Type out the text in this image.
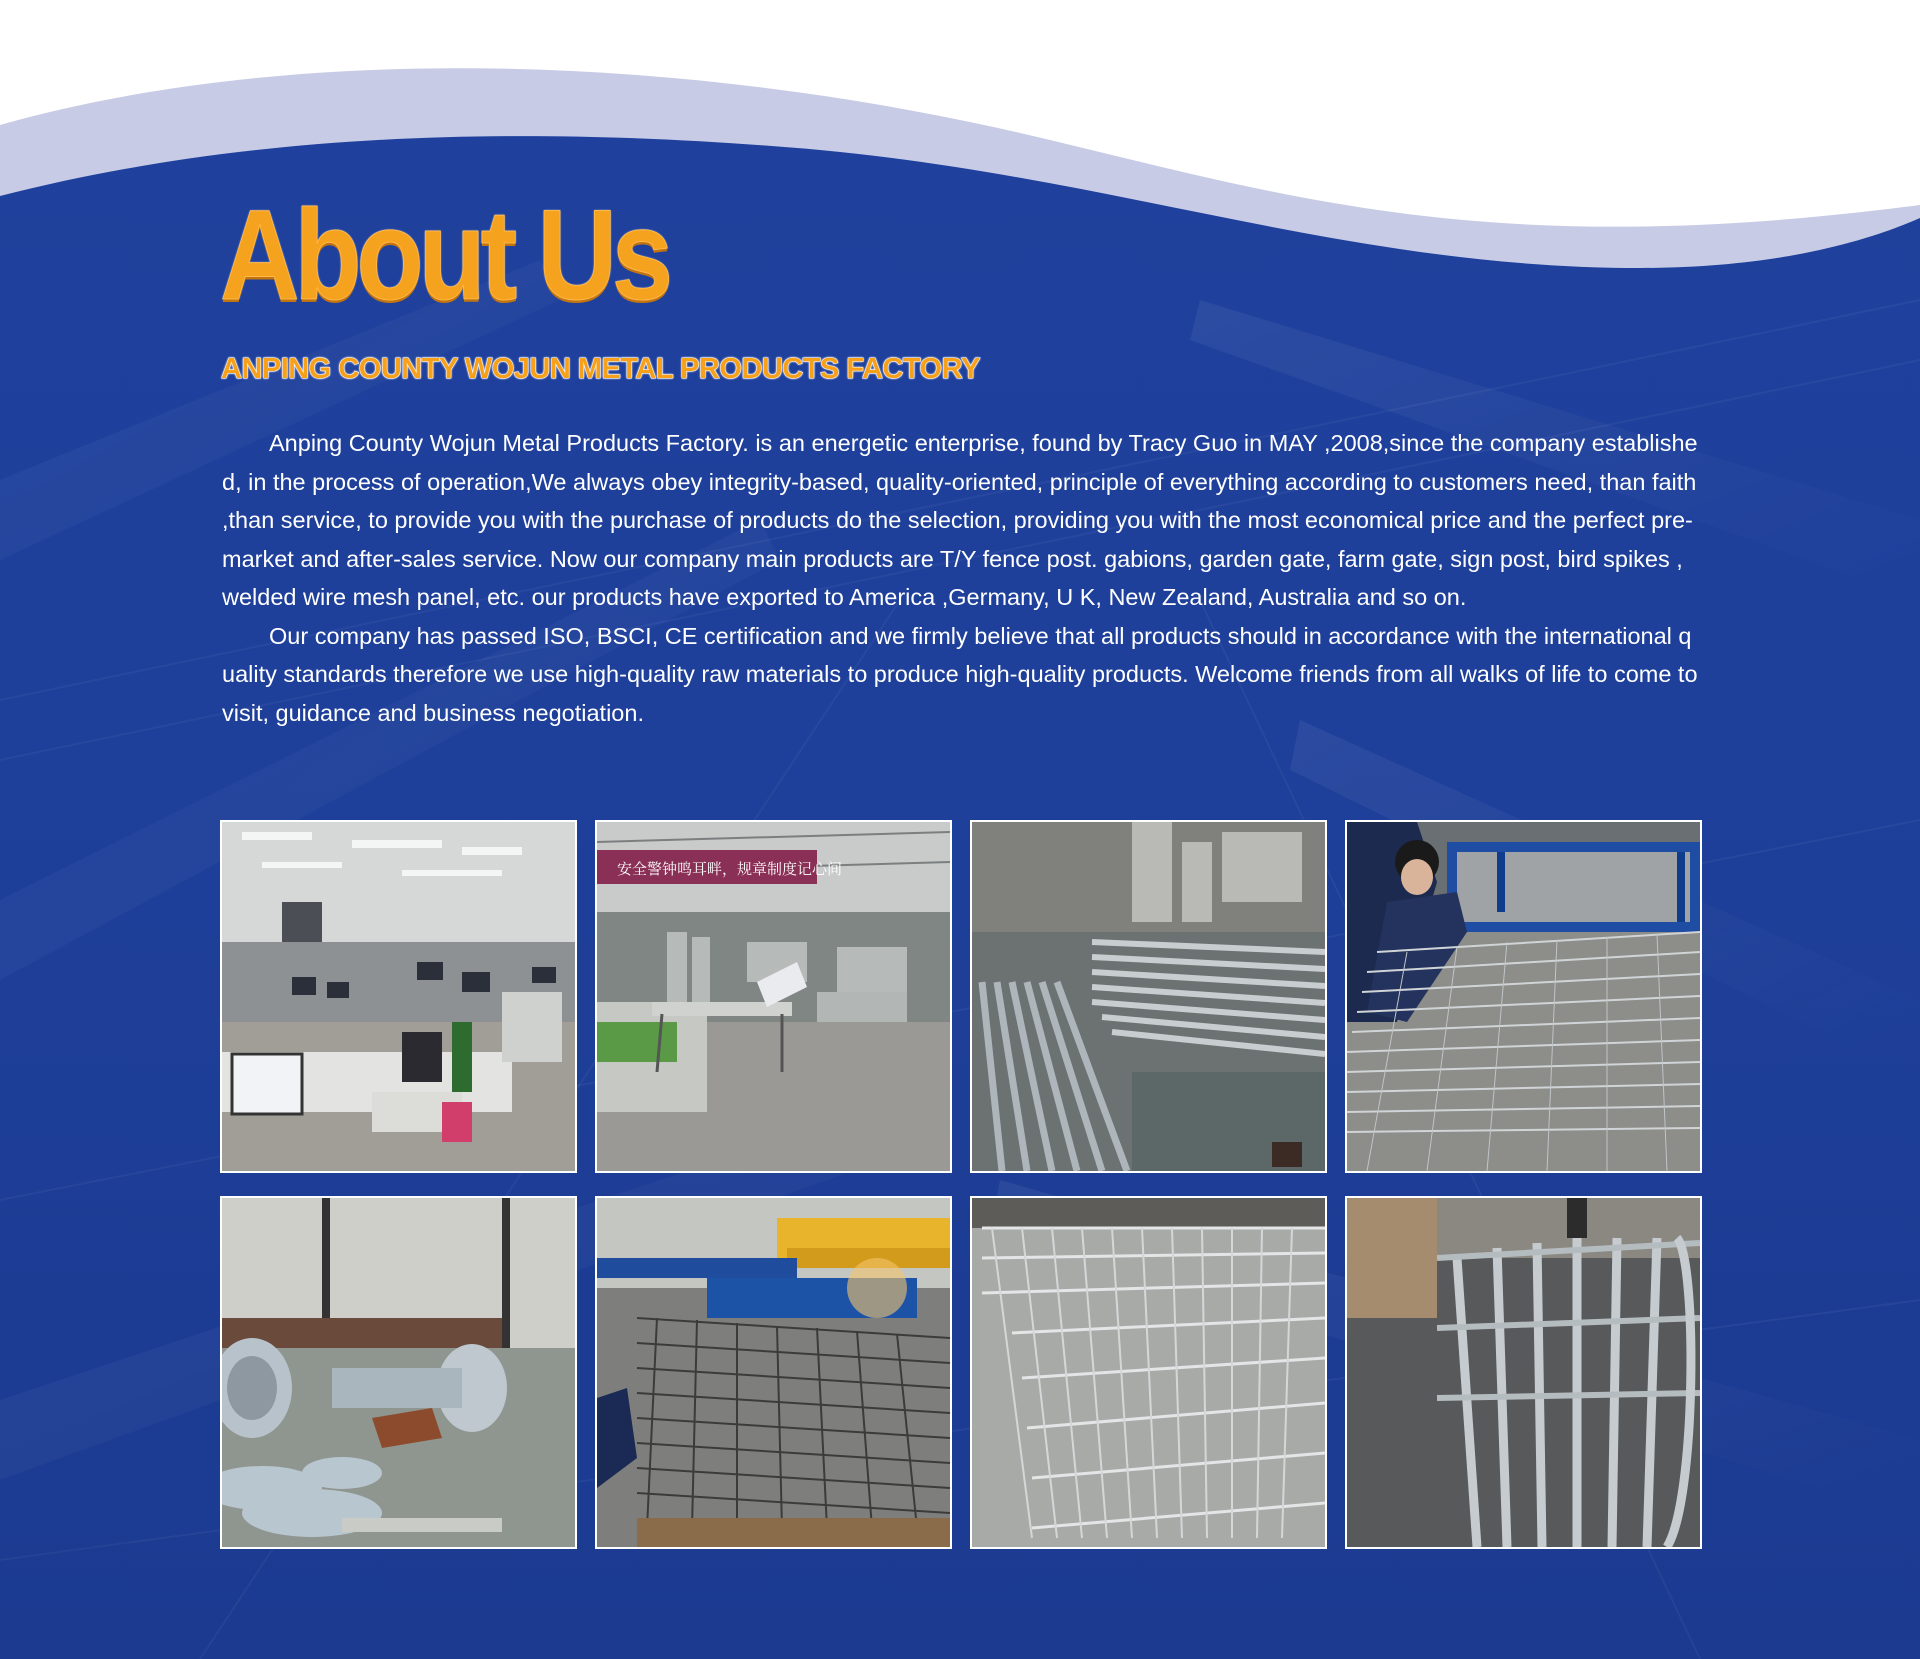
About Us
ANPING COUNTY WOJUN METAL PRODUCTS FACTORY

Anping County Wojun Metal Products Factory. is an energetic enterprise, found by Tracy Guo in MAY ,2008,since the company established, in the process of operation,We always obey integrity-based, quality-oriented, principle of everything according to customers need, than faith ,than service, to provide you with the purchase of products do the selection, providing you with the most economical price and the perfect pre-market and after-sales service. Now our company main products are T/Y fence post. gabions, garden gate, farm gate, sign post, bird spikes , welded wire mesh panel, etc. our products have exported to America ,Germany, U K, New Zealand, Australia and so on.

Our company has passed ISO, BSCI, CE certification and we firmly believe that all products should in accordance with the international quality standards therefore we use high-quality raw materials to produce high-quality products. Welcome friends from all walks of life to come to visit, guidance and business negotiation.

安全警钟鸣耳畔，规章制度记心间
